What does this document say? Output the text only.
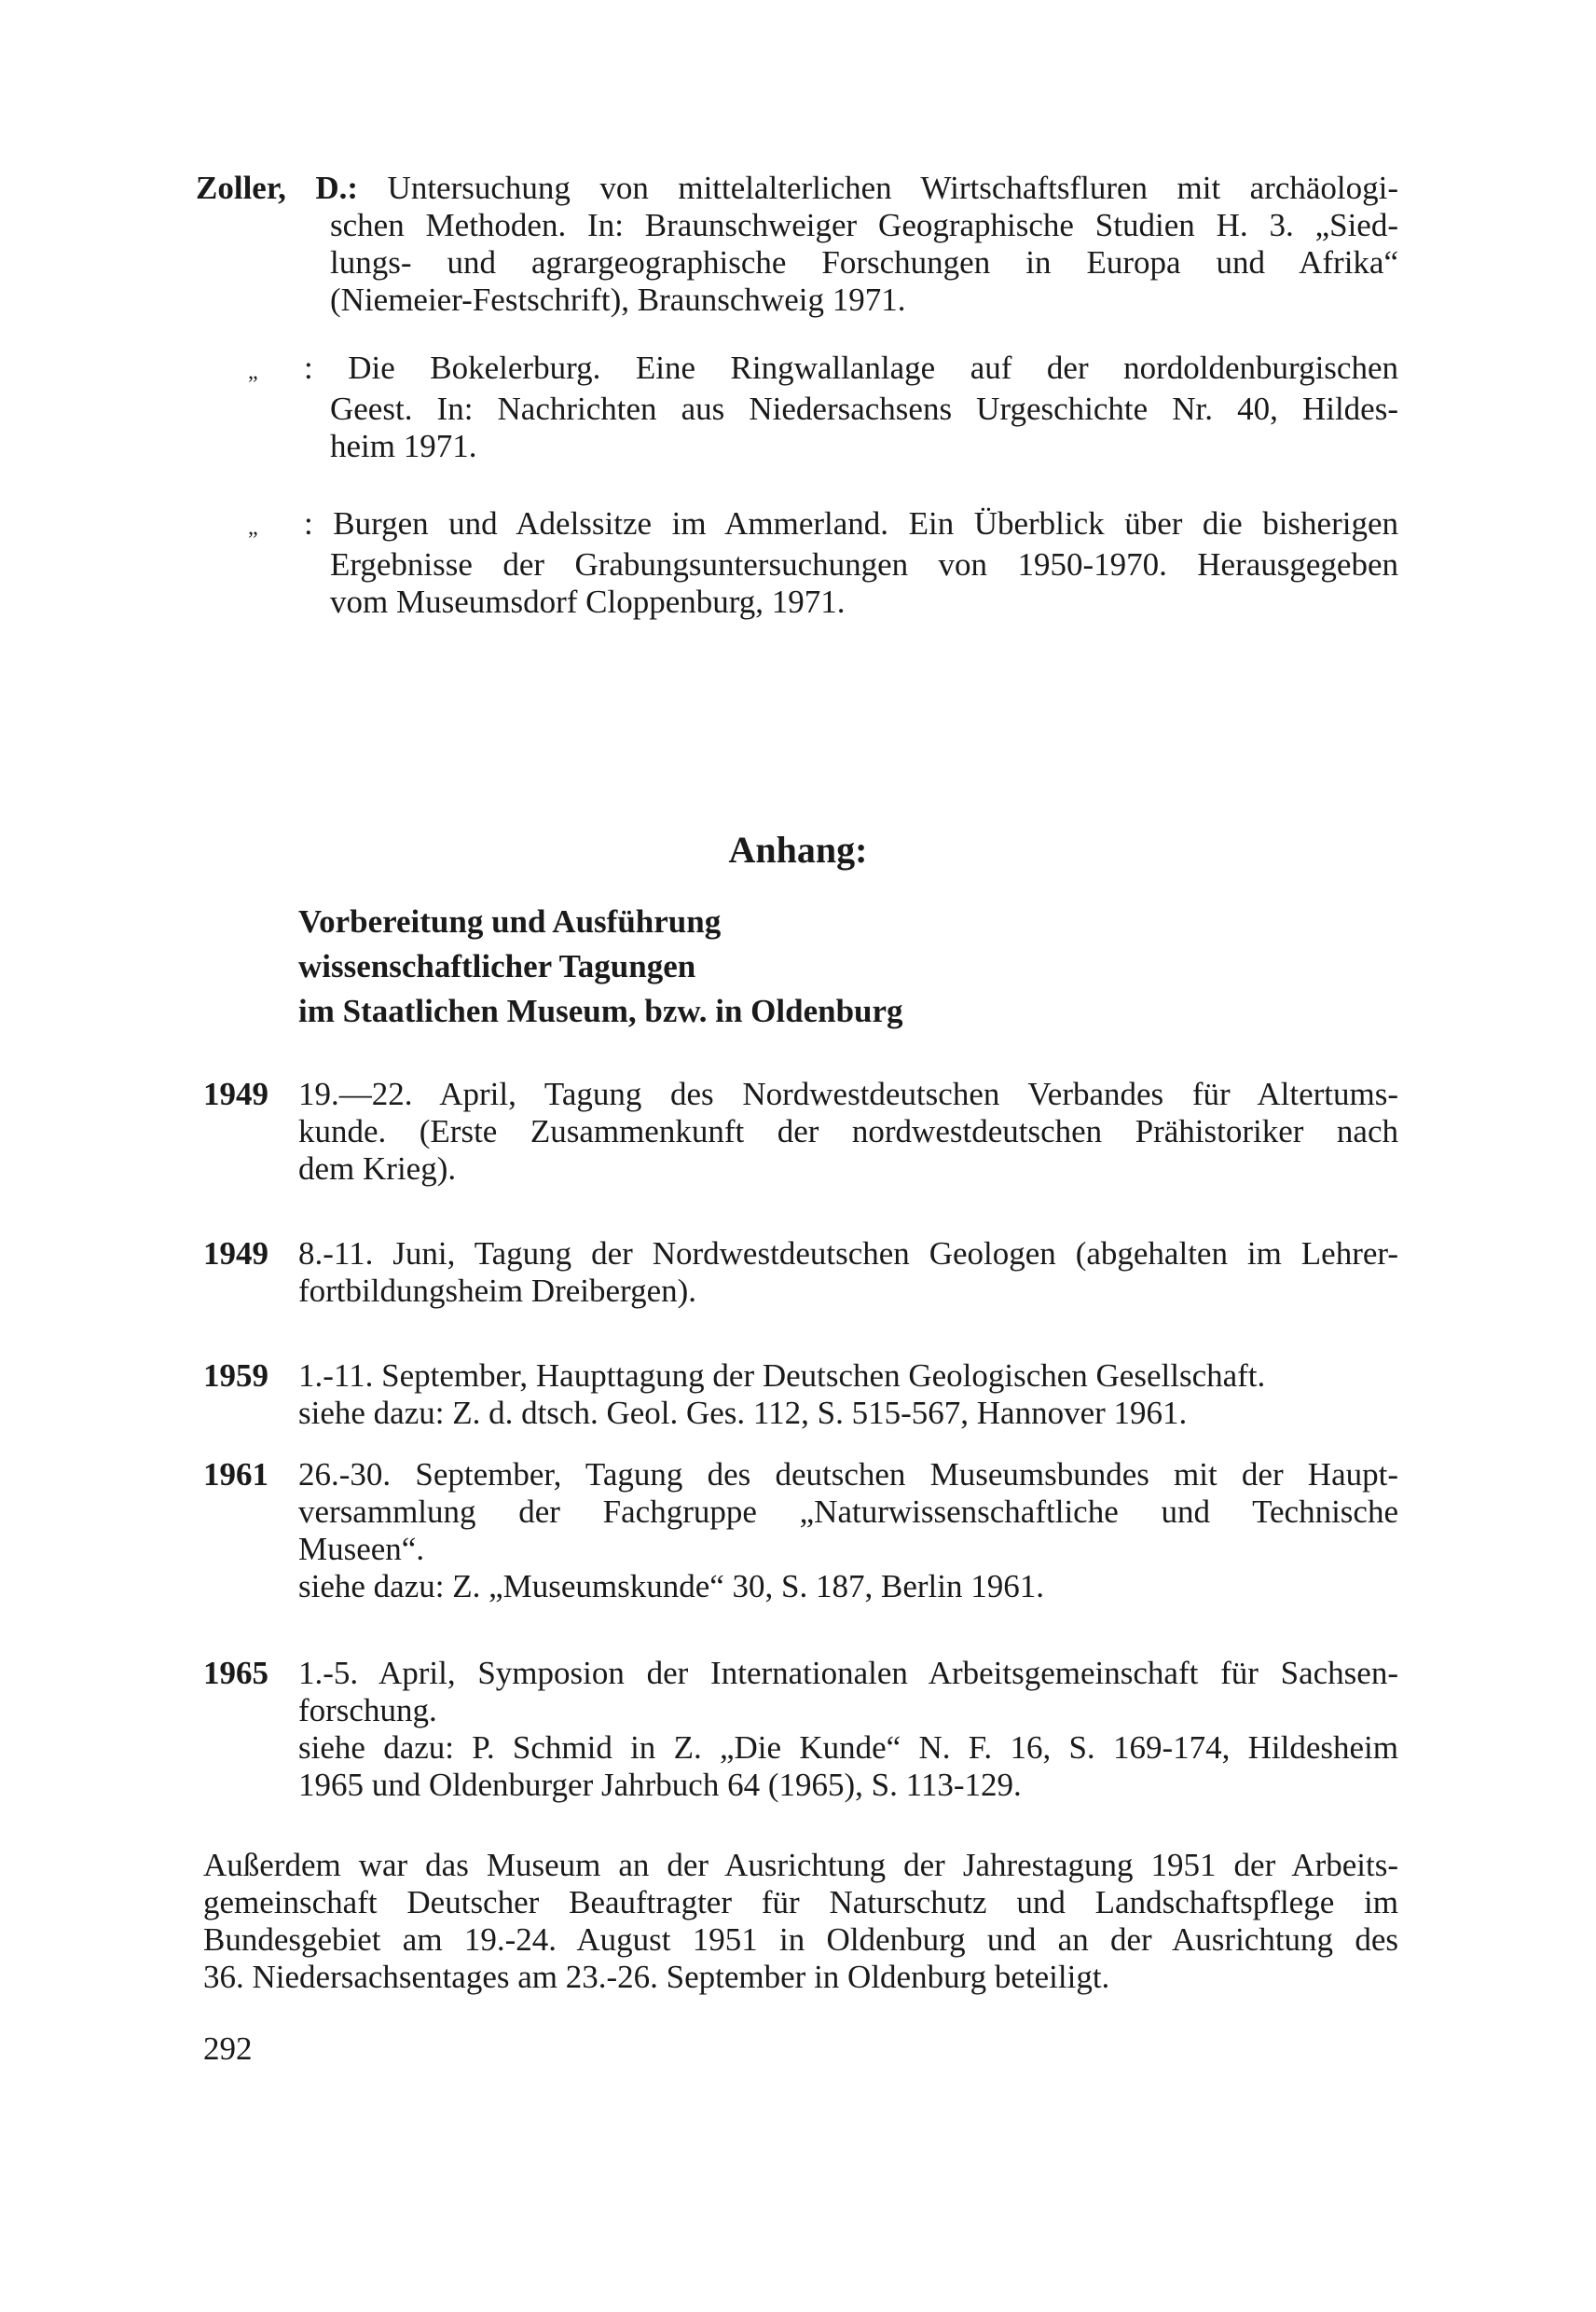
Zoller, D.: Untersuchung von mittelalterlichen Wirtschaftsfluren mit archäologi-
schen Methoden. In: Braunschweiger Geographische Studien H. 3. „Sied-
lungs- und agrargeographische Forschungen in Europa und Afrika“
(Niemeier-Festschrift), Braunschweig 1971.
„ : Die Bokelerburg. Eine Ringwallanlage auf der nordoldenburgischen
Geest. In: Nachrichten aus Niedersachsens Urgeschichte Nr. 40, Hildes-
heim 1971.
„ : Burgen und Adelssitze im Ammerland. Ein Überblick über die bisherigen
Ergebnisse der Grabungsuntersuchungen von 1950-1970. Herausgegeben
vom Museumsdorf Cloppenburg, 1971.
Anhang:
Vorbereitung und Ausführung
wissenschaftlicher Tagungen
im Staatlichen Museum, bzw. in Oldenburg
1949 19.—22. April, Tagung des Nordwestdeutschen Verbandes für Altertums-
kunde. (Erste Zusammenkunft der nordwestdeutschen Prähistoriker nach
dem Krieg).
1949 8.-11. Juni, Tagung der Nordwestdeutschen Geologen (abgehalten im Lehrer-
fortbildungsheim Dreibergen).
1959 1.-11. September, Haupttagung der Deutschen Geologischen Gesellschaft.
siehe dazu: Z. d. dtsch. Geol. Ges. 112, S. 515-567, Hannover 1961.
1961 26.-30. September, Tagung des deutschen Museumsbundes mit der Haupt-
versammlung der Fachgruppe „Naturwissenschaftliche und Technische
Museen“.
siehe dazu: Z. „Museumskunde“ 30, S. 187, Berlin 1961.
1965 1.-5. April, Symposion der Internationalen Arbeitsgemeinschaft für Sachsen-
forschung.
siehe dazu: P. Schmid in Z. „Die Kunde“ N. F. 16, S. 169-174, Hildesheim
1965 und Oldenburger Jahrbuch 64 (1965), S. 113-129.
Außerdem war das Museum an der Ausrichtung der Jahrestagung 1951 der Arbeits-
gemeinschaft Deutscher Beauftragter für Naturschutz und Landschaftspflege im
Bundesgebiet am 19.-24. August 1951 in Oldenburg und an der Ausrichtung des
36. Niedersachsentages am 23.-26. September in Oldenburg beteiligt.
292
